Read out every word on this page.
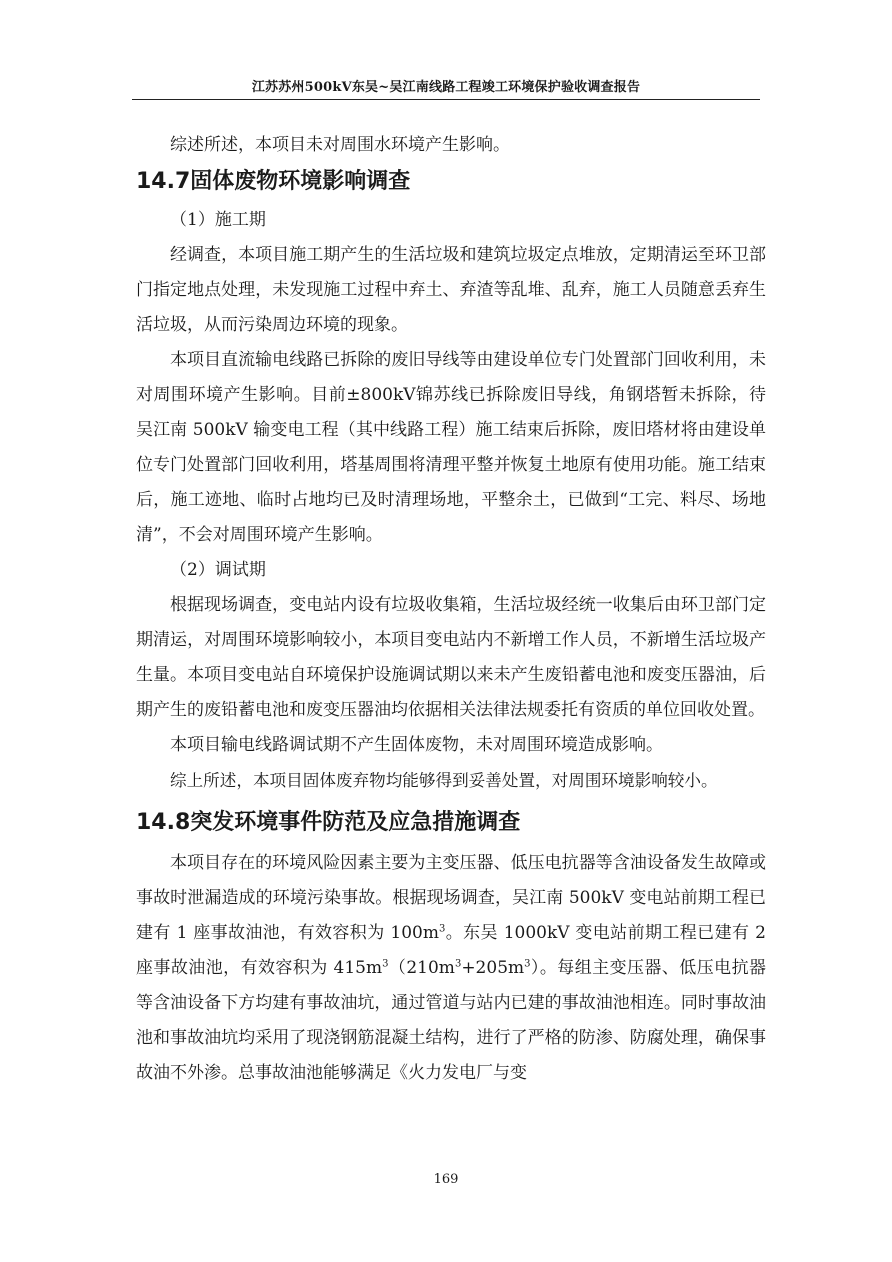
江苏苏州500kV东吴~吴江南线路工程竣工环境保护验收调查报告

综述所述，本项目未对周围水环境产生影响。

14.7固体废物环境影响调查

（1）施工期

经调查，本项目施工期产生的生活垃圾和建筑垃圾定点堆放，定期清运至环卫部门指定地点处理，未发现施工过程中弃土、弃渣等乱堆、乱弃，施工人员随意丢弃生活垃圾，从而污染周边环境的现象。

本项目直流输电线路已拆除的废旧导线等由建设单位专门处置部门回收利用，未对周围环境产生影响。目前±800kV锦苏线已拆除废旧导线，角钢塔暂未拆除，待吴江南 500kV 输变电工程（其中线路工程）施工结束后拆除，废旧塔材将由建设单位专门处置部门回收利用，塔基周围将清理平整并恢复土地原有使用功能。施工结束后，施工迹地、临时占地均已及时清理场地，平整余土，已做到“工完、料尽、场地清”，不会对周围环境产生影响。

（2）调试期

根据现场调查，变电站内设有垃圾收集箱，生活垃圾经统一收集后由环卫部门定期清运，对周围环境影响较小，本项目变电站内不新增工作人员，不新增生活垃圾产生量。本项目变电站自环境保护设施调试期以来未产生废铅蓄电池和废变压器油，后期产生的废铅蓄电池和废变压器油均依据相关法律法规委托有资质的单位回收处置。

本项目输电线路调试期不产生固体废物，未对周围环境造成影响。

综上所述，本项目固体废弃物均能够得到妥善处置，对周围环境影响较小。

14.8突发环境事件防范及应急措施调查

本项目存在的环境风险因素主要为主变压器、低压电抗器等含油设备发生故障或事故时泄漏造成的环境污染事故。根据现场调查，吴江南 500kV 变电站前期工程已建有 1 座事故油池，有效容积为 $100m^3$。东吴 1000kV 变电站前期工程已建有 2 座事故油池，有效容积为 $415m^3(210m^3+205m^3)$。每组主变压器、低压电抗器等含油设备下方均建有事故油坑，通过管道与站内已建的事故油池相连。同时事故油池和事故油坑均采用了现浇钢筋混凝土结构，进行了严格的防渗、防腐处理，确保事故油不外渗。总事故油池能够满足《火力发电厂与变

169
